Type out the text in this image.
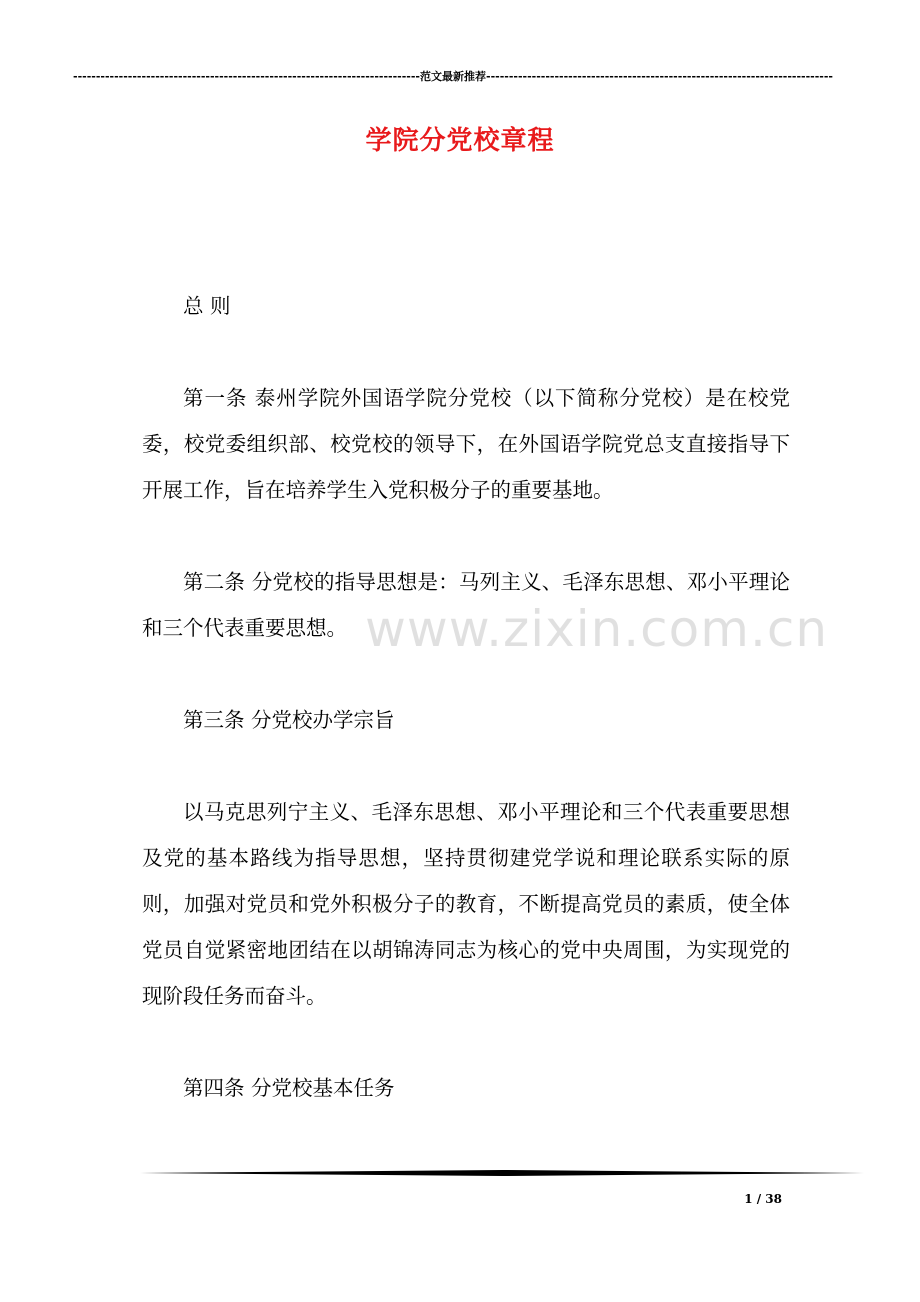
---------------------------------------------------------------------------- 范文最新推荐 ----------------------------------------------------------------------------
学院分党校章程

总 则

第一条 泰州学院外国语学院分党校（以下简称分党校）是在校党委，校党委组织部、校党校的领导下，在外国语学院党总支直接指导下开展工作，旨在培养学生入党积极分子的重要基地。

第二条 分党校的指导思想是：马列主义、毛泽东思想、邓小平理论和三个代表重要思想。

第三条 分党校办学宗旨

以马克思列宁主义、毛泽东思想、邓小平理论和三个代表重要思想及党的基本路线为指导思想，坚持贯彻建党学说和理论联系实际的原则，加强对党员和党外积极分子的教育，不断提高党员的素质，使全体党员自觉紧密地团结在以胡锦涛同志为核心的党中央周围，为实现党的现阶段任务而奋斗。

第四条 分党校基本任务

www.zixin.com.cn
1 / 38
